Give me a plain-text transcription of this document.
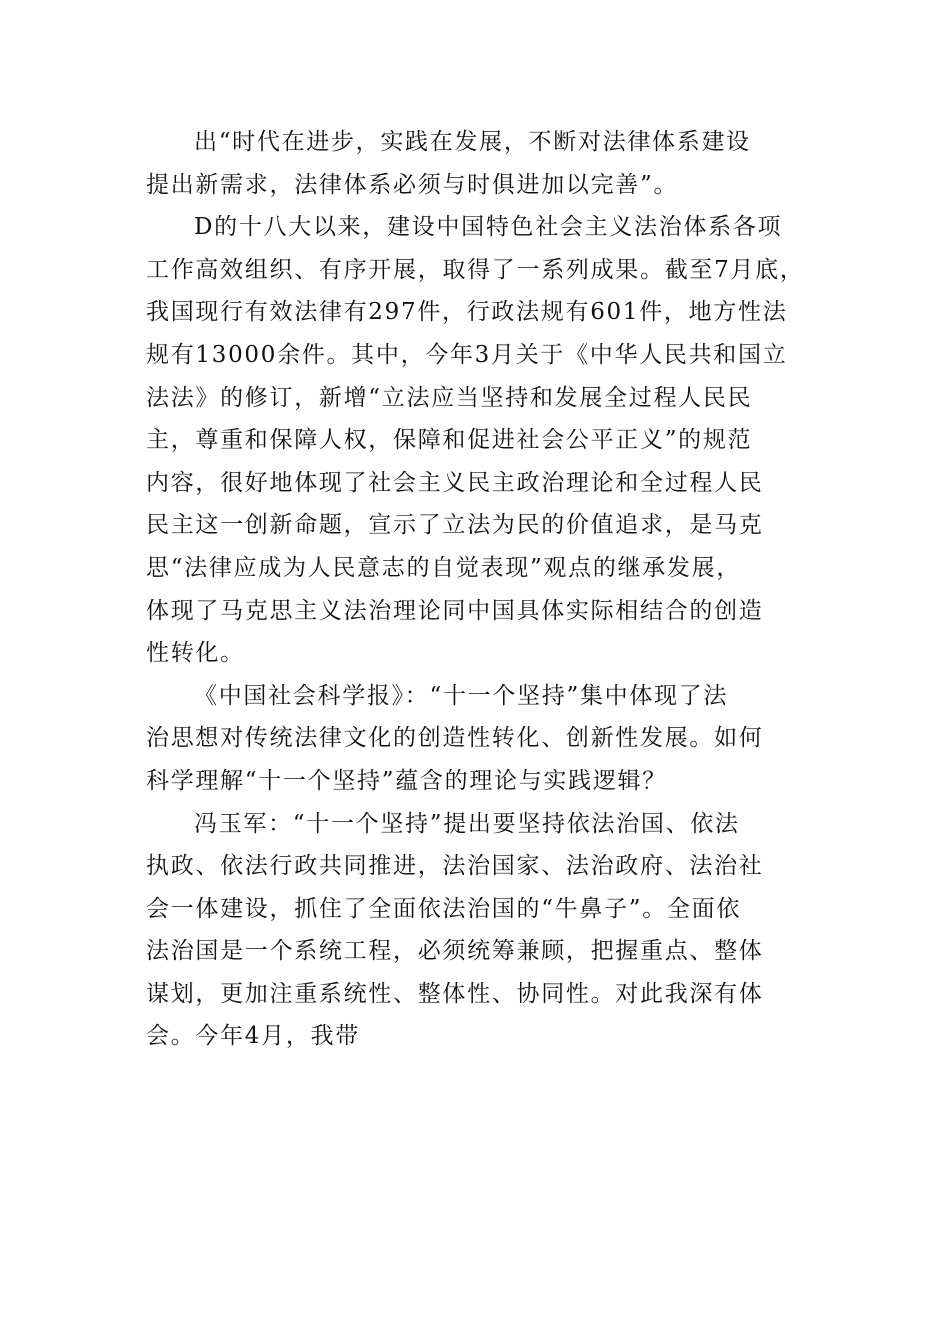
出“时代在进步，实践在发展，不断对法律体系建设
提出新需求，法律体系必须与时俱进加以完善”。
D的十八大以来，建设中国特色社会主义法治体系各项
工作高效组织、有序开展，取得了一系列成果。截至7月底，
我国现行有效法律有297件，行政法规有601件，地方性法
规有13000余件。其中，今年3月关于《中华人民共和国立
法法》的修订，新增“立法应当坚持和发展全过程人民民
主，尊重和保障人权，保障和促进社会公平正义”的规范
内容，很好地体现了社会主义民主政治理论和全过程人民
民主这一创新命题，宣示了立法为民的价值追求，是马克
思“法律应成为人民意志的自觉表现”观点的继承发展，
体现了马克思主义法治理论同中国具体实际相结合的创造
性转化。
《中国社会科学报》：“十一个坚持”集中体现了法
治思想对传统法律文化的创造性转化、创新性发展。如何
科学理解“十一个坚持”蕴含的理论与实践逻辑？
冯玉军：“十一个坚持”提出要坚持依法治国、依法
执政、依法行政共同推进，法治国家、法治政府、法治社
会一体建设，抓住了全面依法治国的“牛鼻子”。全面依
法治国是一个系统工程，必须统筹兼顾，把握重点、整体
谋划，更加注重系统性、整体性、协同性。对此我深有体
会。今年4月，我带
